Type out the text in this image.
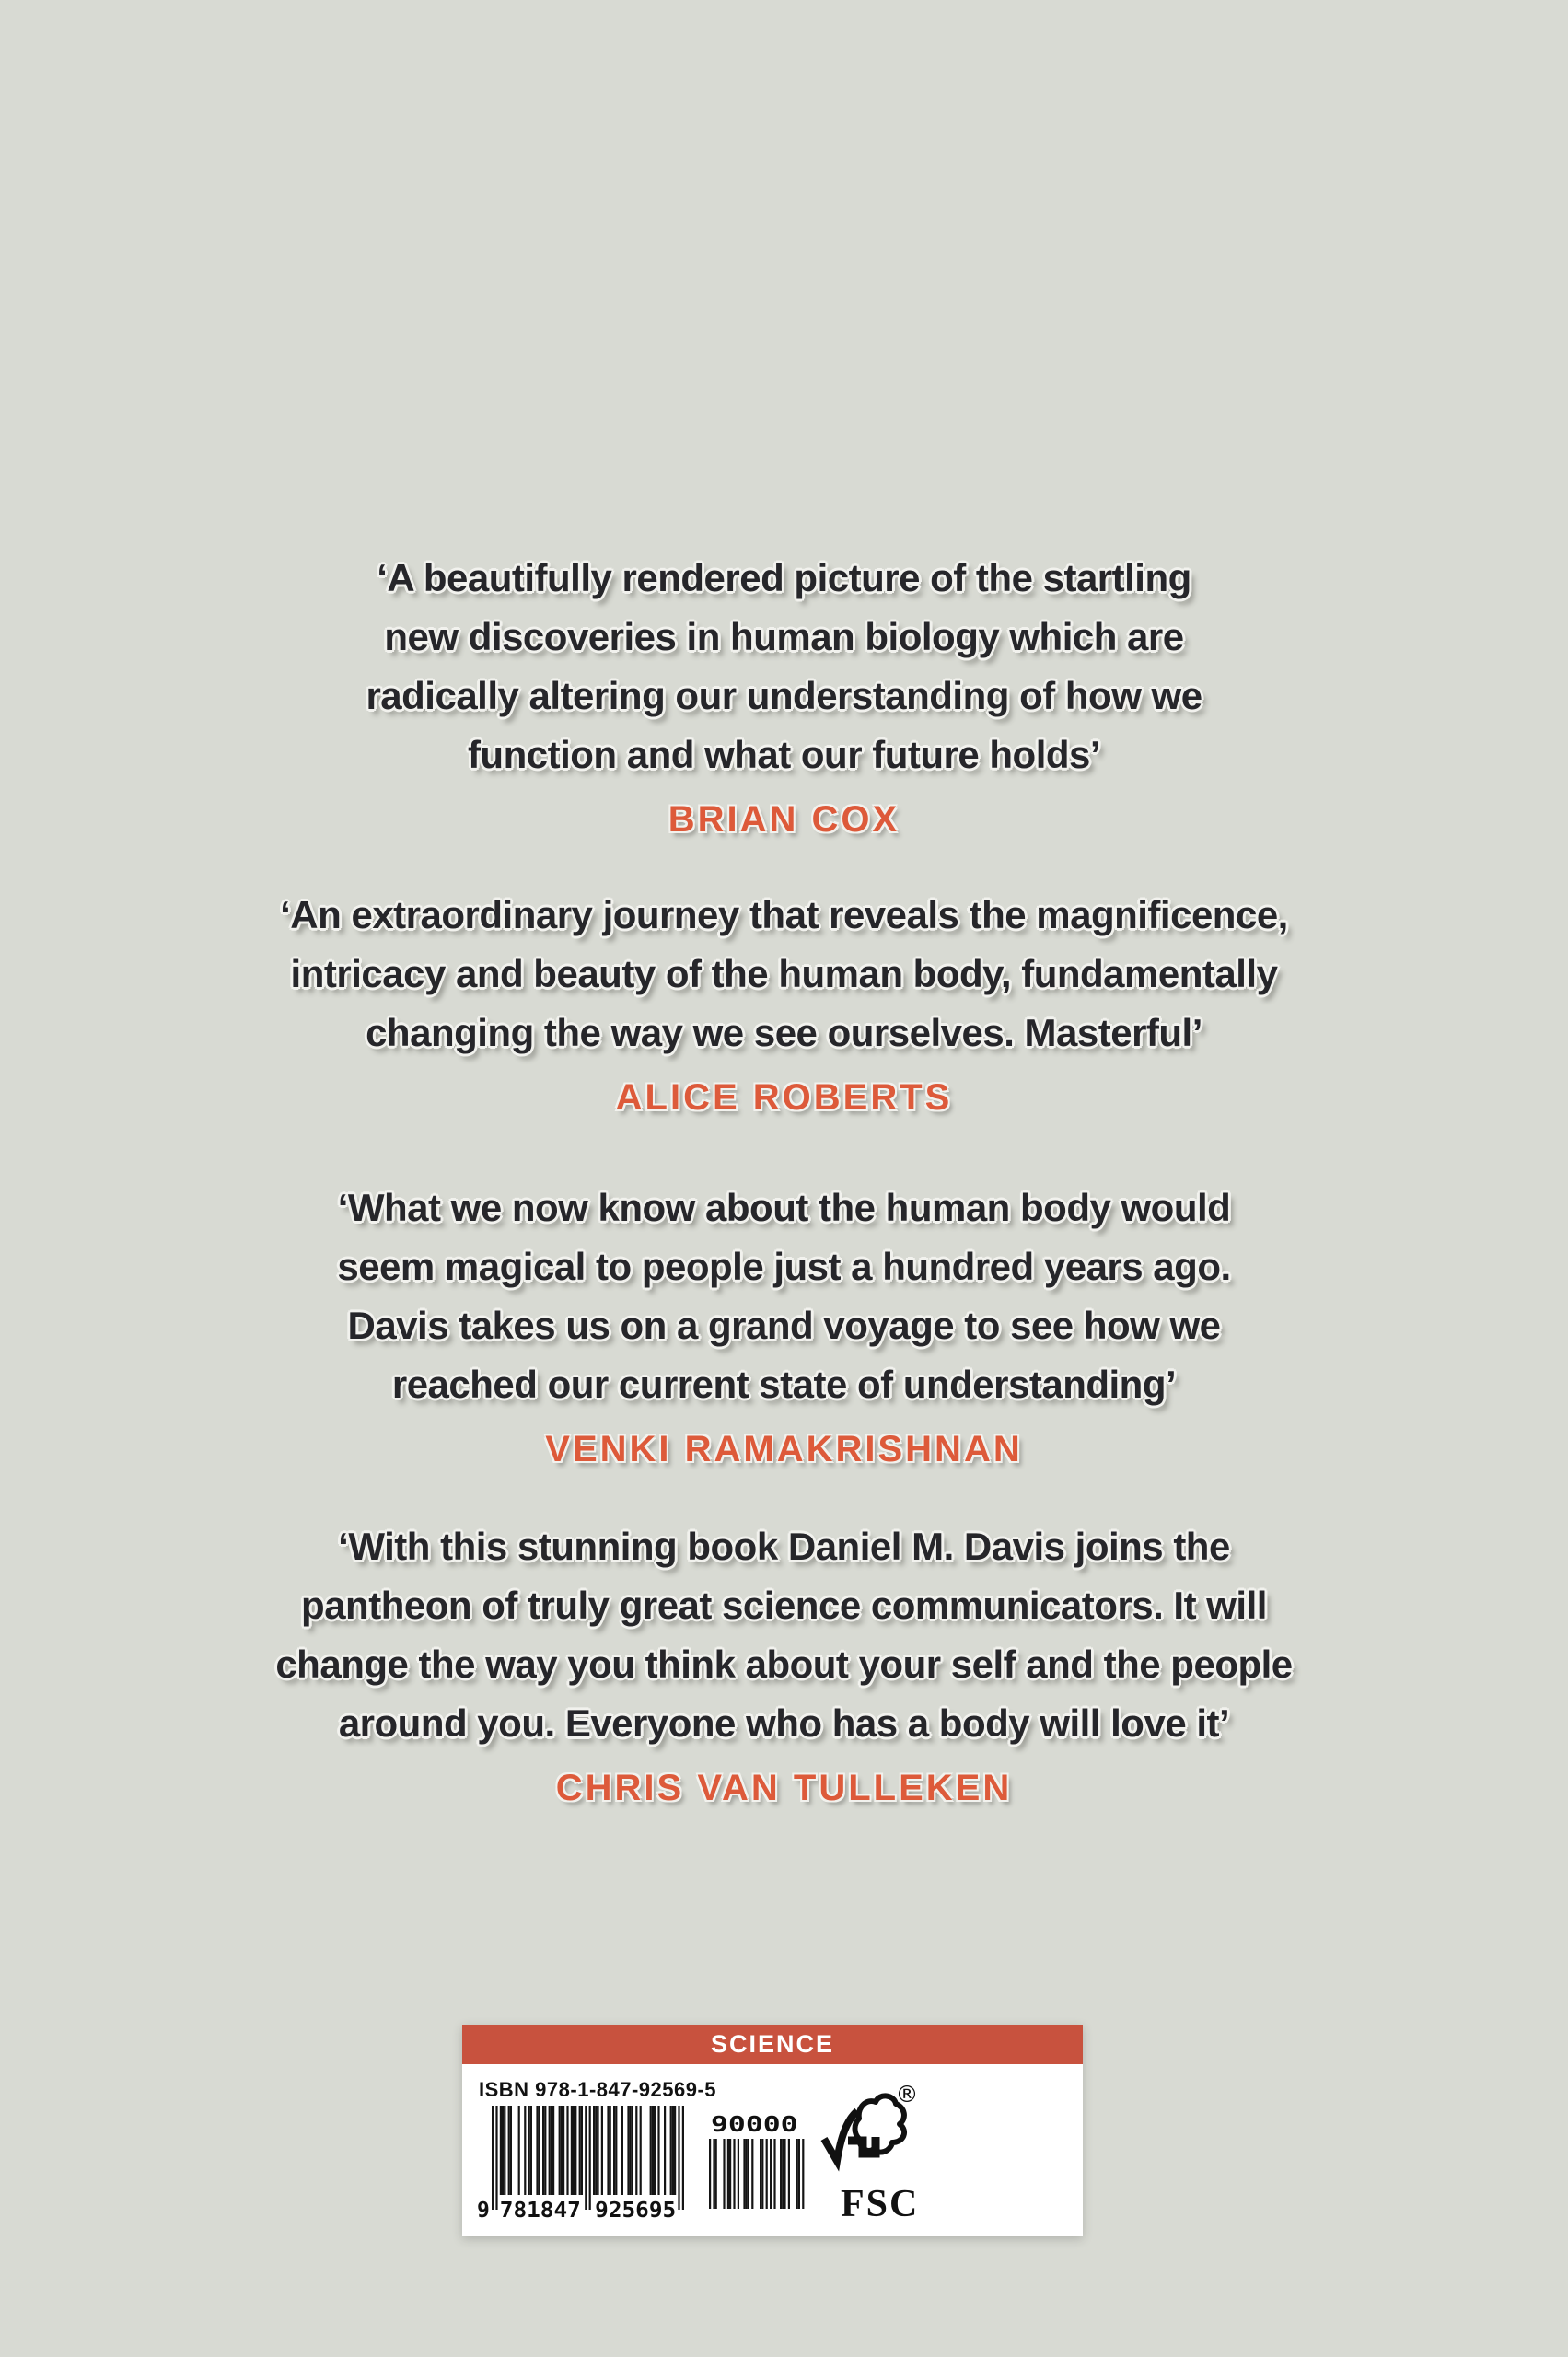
‘A beautifully rendered picture of the startling
new discoveries in human biology which are
radically altering our understanding of how we
function and what our future holds’
BRIAN COX
‘An extraordinary journey that reveals the magnificence,
intricacy and beauty of the human body, fundamentally
changing the way we see ourselves. Masterful’
ALICE ROBERTS
‘What we now know about the human body would
seem magical to people just a hundred years ago.
Davis takes us on a grand voyage to see how we
reached our current state of understanding’
VENKI RAMAKRISHNAN
‘With this stunning book Daniel M. Davis joins the
pantheon of truly great science communicators. It will
change the way you think about your self and the people
around you. Everyone who has a body will love it’
CHRIS VAN TULLEKEN
SCIENCE
ISBN 978-1-847-92569-5
9 781847 925695
90000
®
FSC
